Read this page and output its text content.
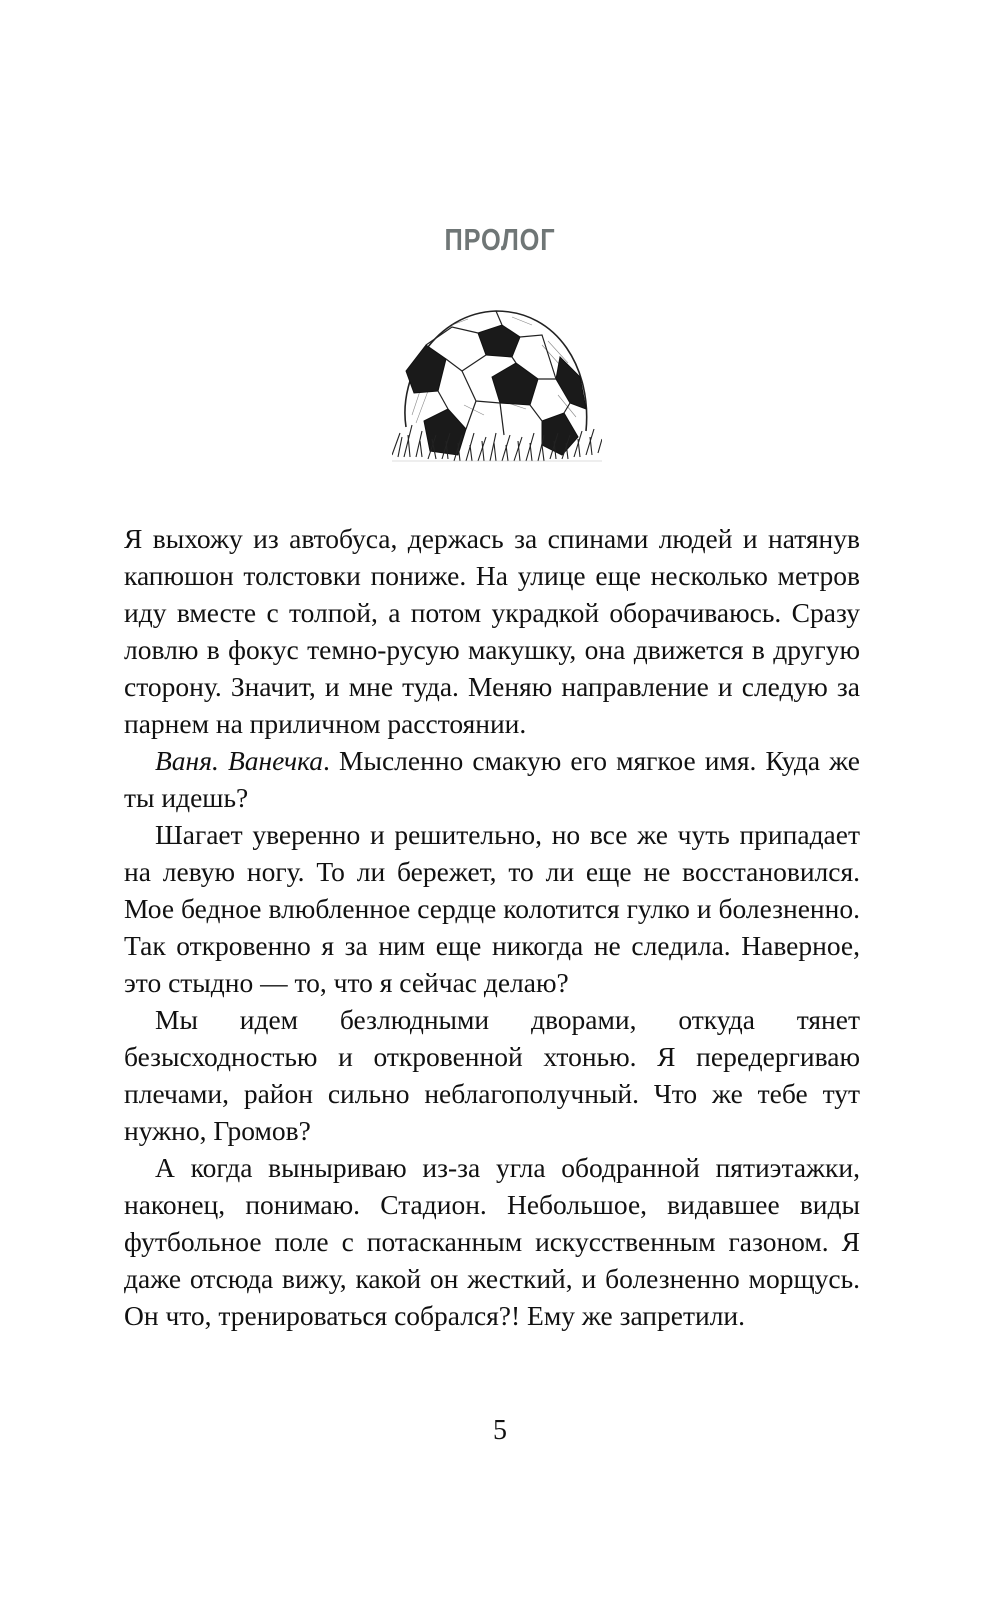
ПРОЛОГ

Я выхожу из автобуса, держась за спинами людей и натянув капюшон толстовки пониже. На улице еще несколько метров иду вместе с толпой, а потом украдкой оборачиваюсь. Сразу ловлю в фокус темно-русую макушку, она движется в другую сторону. Значит, и мне туда. Меняю направление и следую за парнем на приличном расстоянии.

Ваня. Ванечка. Мысленно смакую его мягкое имя. Куда же ты идешь?

Шагает уверенно и решительно, но все же чуть припадает на левую ногу. То ли бережет, то ли еще не восстановился. Мое бедное влюбленное сердце колотится гулко и болезненно. Так откровенно я за ним еще никогда не следила. Наверное, это стыдно — то, что я сейчас делаю?

Мы идем безлюдными дворами, откуда тянет безысходностью и откровенной хтонью. Я передергиваю плечами, район сильно неблагополучный. Что же тебе тут нужно, Громов?

А когда выныриваю из-за угла ободранной пятиэтажки, наконец, понимаю. Стадион. Небольшое, видавшее виды футбольное поле с потасканным искусственным газоном. Я даже отсюда вижу, какой он жесткий, и болезненно морщусь. Он что, тренироваться собрался?! Ему же запретили.

5
